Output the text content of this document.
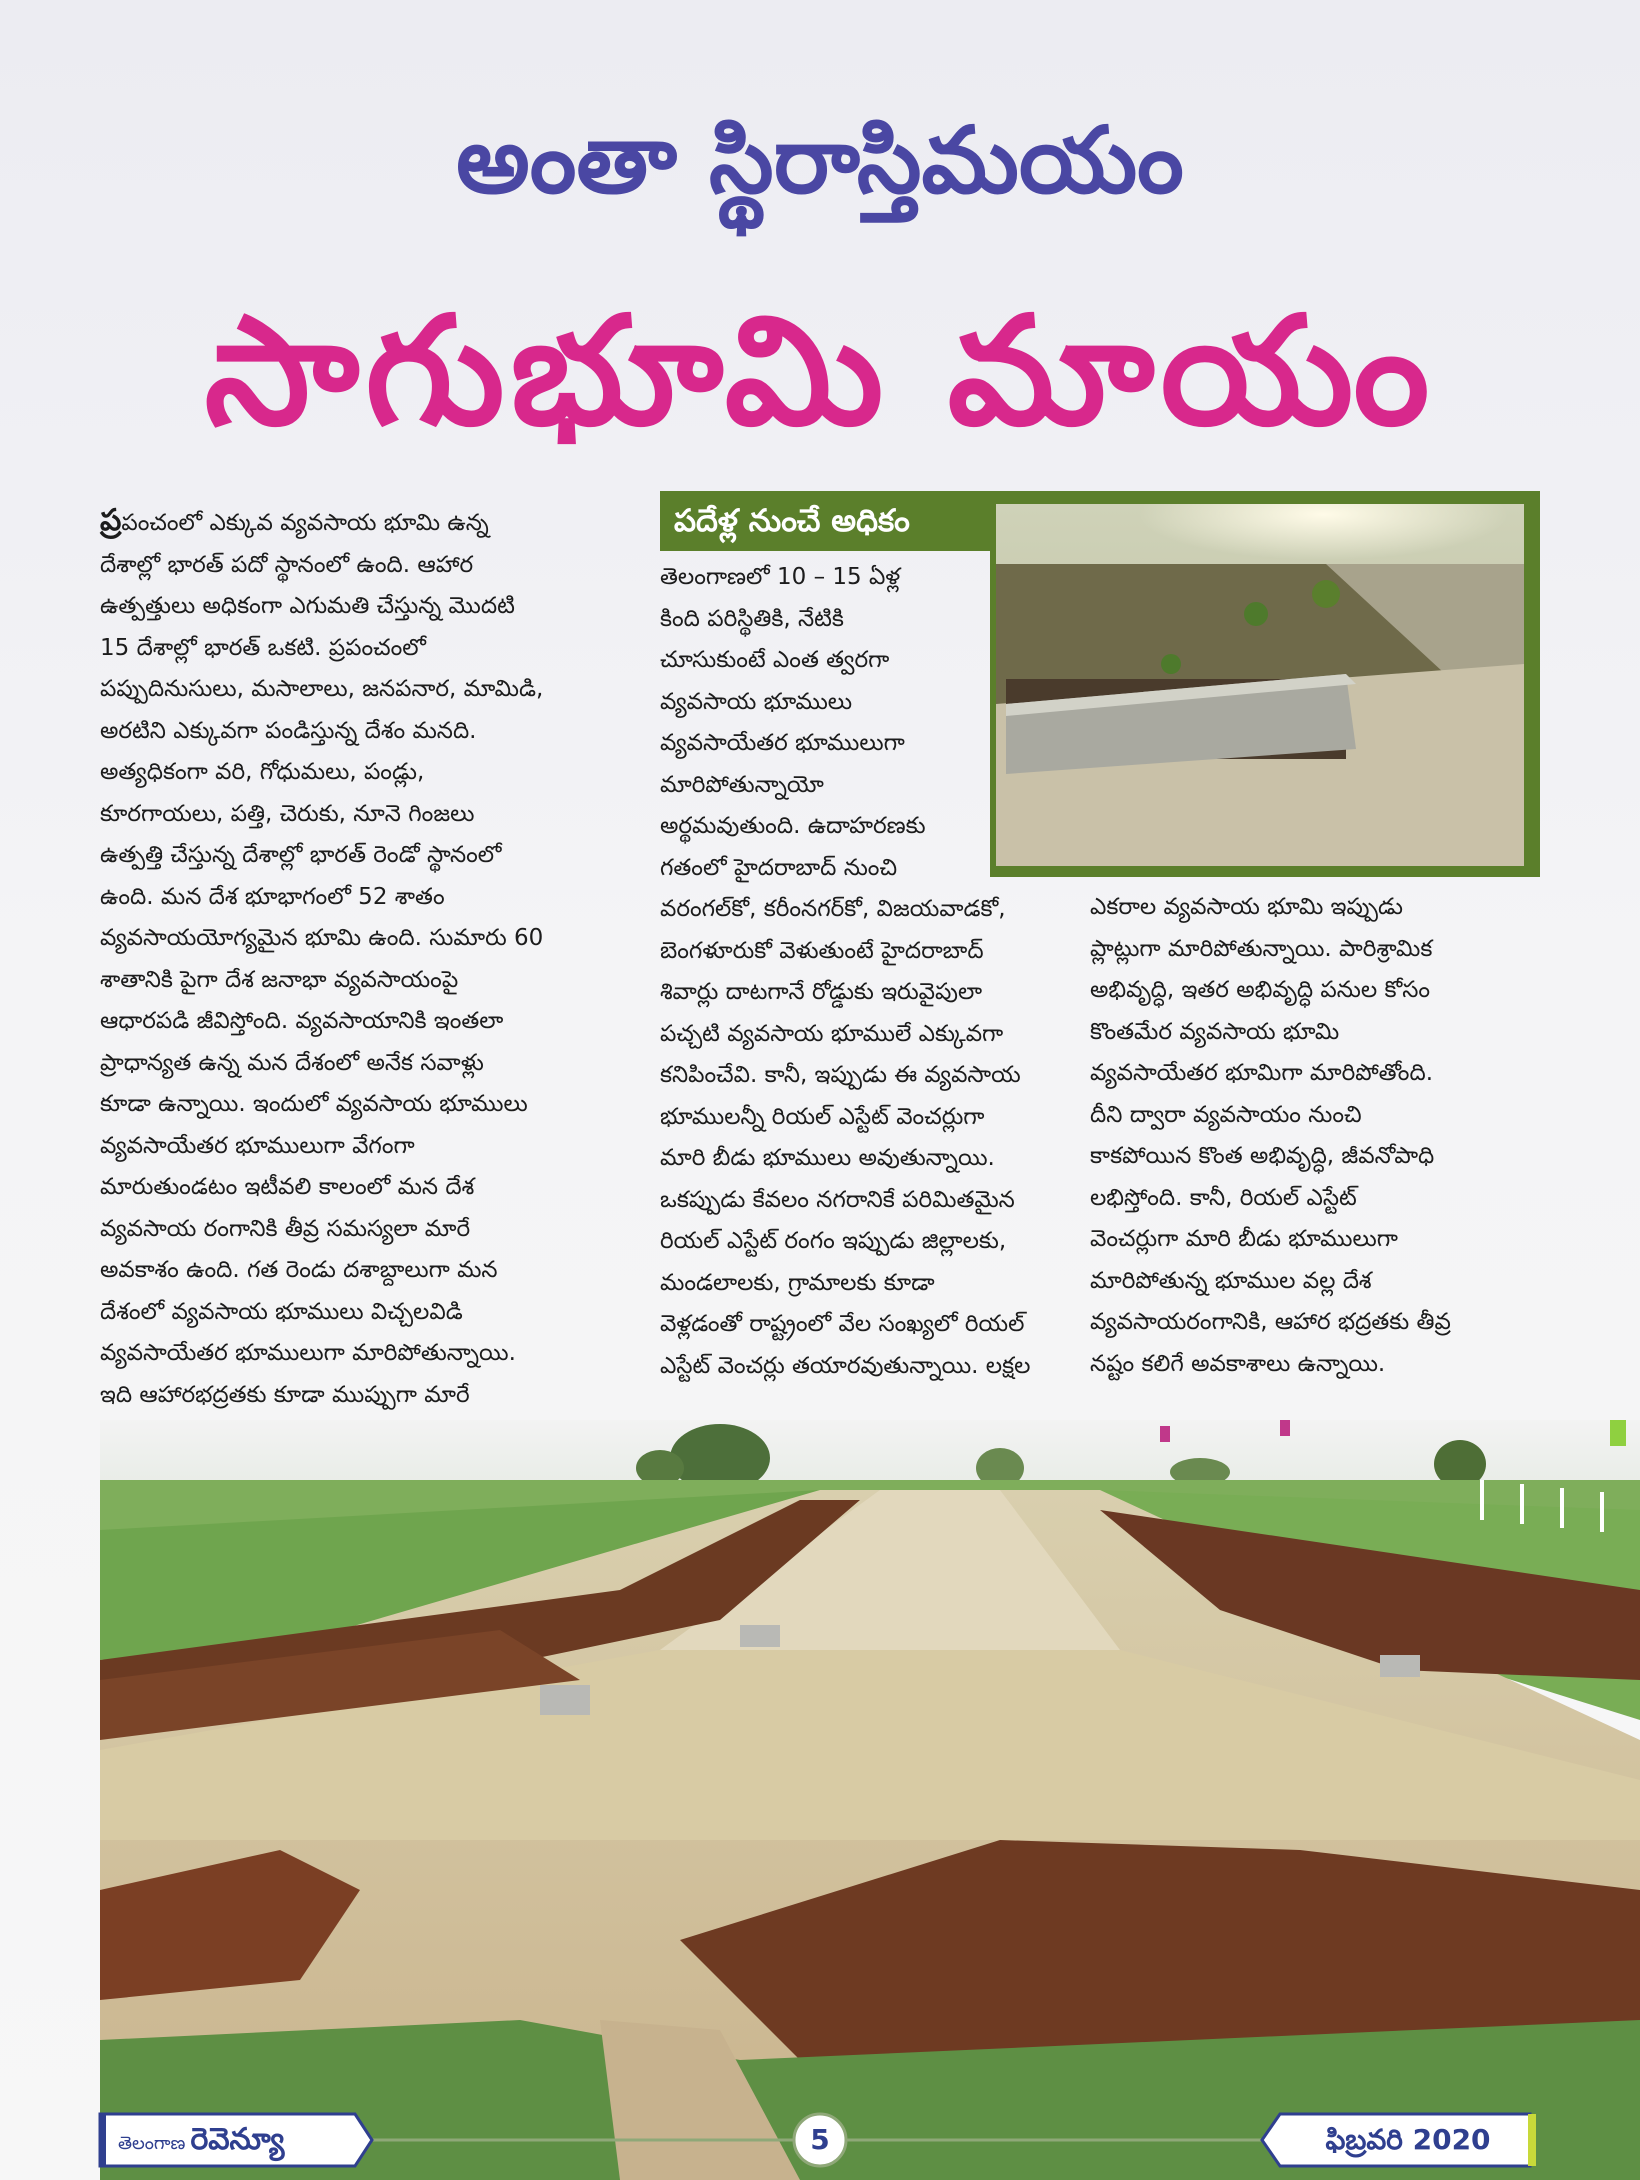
అంతా స్థిరాస్తిమయం
సాగుభూమి మాయం
ప్రపంచంలో ఎక్కువ వ్యవసాయ భూమి ఉన్న
దేశాల్లో భారత్ పదో స్థానంలో ఉంది. ఆహార
ఉత్పత్తులు అధికంగా ఎగుమతి చేస్తున్న మొదటి
15 దేశాల్లో భారత్ ఒకటి. ప్రపంచంలో
పప్పుదినుసులు, మసాలాలు, జనపనార, మామిడి,
అరటిని ఎక్కువగా పండిస్తున్న దేశం మనది.
అత్యధికంగా వరి, గోధుమలు, పండ్లు,
కూరగాయలు, పత్తి, చెరుకు, నూనె గింజలు
ఉత్పత్తి చేస్తున్న దేశాల్లో భారత్ రెండో స్థానంలో
ఉంది. మన దేశ భూభాగంలో 52 శాతం
వ్యవసాయయోగ్యమైన భూమి ఉంది. సుమారు 60
శాతానికి పైగా దేశ జనాభా వ్యవసాయంపై
ఆధారపడి జీవిస్తోంది. వ్యవసాయానికి ఇంతలా
ప్రాధాన్యత ఉన్న మన దేశంలో అనేక సవాళ్లు
కూడా ఉన్నాయి. ఇందులో వ్యవసాయ భూములు
వ్యవసాయేతర భూములుగా వేగంగా
మారుతుండటం ఇటీవలి కాలంలో మన దేశ
వ్యవసాయ రంగానికి తీవ్ర సమస్యలా మారే
అవకాశం ఉంది. గత రెండు దశాబ్దాలుగా మన
దేశంలో వ్యవసాయ భూములు విచ్చలవిడి
వ్యవసాయేతర భూములుగా మారిపోతున్నాయి.
ఇది ఆహారభద్రతకు కూడా ముప్పుగా మారే
పదేళ్ల నుంచే అధికం
తెలంగాణలో 10 – 15 ఏళ్ల
కింది పరిస్థితికి, నేటికి
చూసుకుంటే ఎంత త్వరగా
వ్యవసాయ భూములు
వ్యవసాయేతర భూములుగా
మారిపోతున్నాయో
అర్థమవుతుంది. ఉదాహరణకు
గతంలో హైదరాబాద్ నుంచి
వరంగల్‌కో, కరీంనగర్‌కో, విజయవాడకో,
బెంగళూరుకో వెళుతుంటే హైదరాబాద్
శివార్లు దాటగానే రోడ్డుకు ఇరువైపులా
పచ్చటి వ్యవసాయ భూములే ఎక్కువగా
కనిపించేవి. కానీ, ఇప్పుడు ఈ వ్యవసాయ
భూములన్నీ రియల్ ఎస్టేట్ వెంచర్లుగా
మారి బీడు భూములు అవుతున్నాయి.
ఒకప్పుడు కేవలం నగరానికే పరిమితమైన
రియల్ ఎస్టేట్ రంగం ఇప్పుడు జిల్లాలకు,
మండలాలకు, గ్రామాలకు కూడా
వెళ్లడంతో రాష్ట్రంలో వేల సంఖ్యలో రియల్
ఎస్టేట్ వెంచర్లు తయారవుతున్నాయి. లక్షల
ఎకరాల వ్యవసాయ భూమి ఇప్పుడు
ప్లాట్లుగా మారిపోతున్నాయి. పారిశ్రామిక
అభివృద్ధి, ఇతర అభివృద్ధి పనుల కోసం
కొంతమేర వ్యవసాయ భూమి
వ్యవసాయేతర భూమిగా మారిపోతోంది.
దీని ద్వారా వ్యవసాయం నుంచి
కాకపోయిన కొంత అభివృద్ధి, జీవనోపాధి
లభిస్తోంది. కానీ, రియల్ ఎస్టేట్
వెంచర్లుగా మారి బీడు భూములుగా
మారిపోతున్న భూముల వల్ల దేశ
వ్యవసాయరంగానికి, ఆహార భద్రతకు తీవ్ర
నష్టం కలిగే అవకాశాలు ఉన్నాయి.
తెలంగాణ రెవెన్యూ	5	ఫిబ్రవరి 2020
